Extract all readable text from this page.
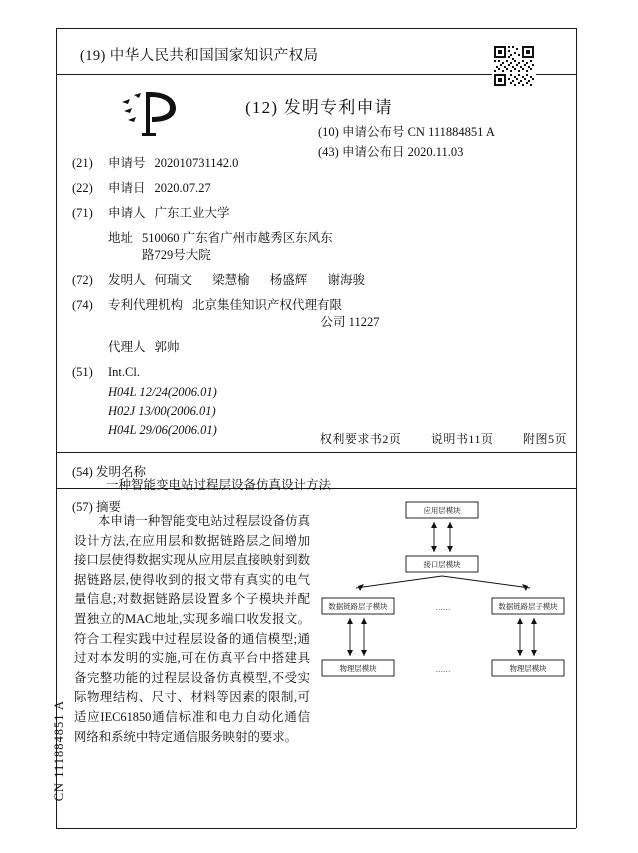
(19) 中华人民共和国国家知识产权局
(12) 发明专利申请
(10) 申请公布号 CN 111884851 A
(43) 申请公布日 2020.11.03
(21)	申请号 202010731142.0
(22)	申请日 2020.07.27
(71)	申请人 广东工业大学
地址 510060 广东省广州市越秀区东风东
路729号大院
(72)	发明人 何瑞文 梁慧榆 杨盛辉 谢海骏
(74)	专利代理机构 北京集佳知识产权代理有限
公司 11227
代理人 郭帅
(51)	Int.Cl.
H04L 12/24(2006.01)
H02J 13/00(2006.01)
H04L 29/06(2006.01)
权利要求书2页 说明书11页 附图5页
(54) 发明名称
一种智能变电站过程层设备仿真设计方法
(57) 摘要
本申请一种智能变电站过程层设备仿真设计方法,在应用层和数据链路层之间增加接口层使得数据实现从应用层直接映射到数据链路层,使得收到的报文带有真实的电气量信息;对数据链路层设置多个子模块并配置独立的MAC地址,实现多端口收发报文。符合工程实践中过程层设备的通信模型;通过对本发明的实施,可在仿真平台中搭建具备完整功能的过程层设备仿真模型,不受实际物理结构、尺寸、材料等因素的限制,可适应IEC61850通信标准和电力自动化通信网络和系统中特定通信服务映射的要求。
应用层模块
接口层模块
数据链路层子模块	数据链路层子模块
物理层模块	物理层模块
……
……
CN 111884851 A
